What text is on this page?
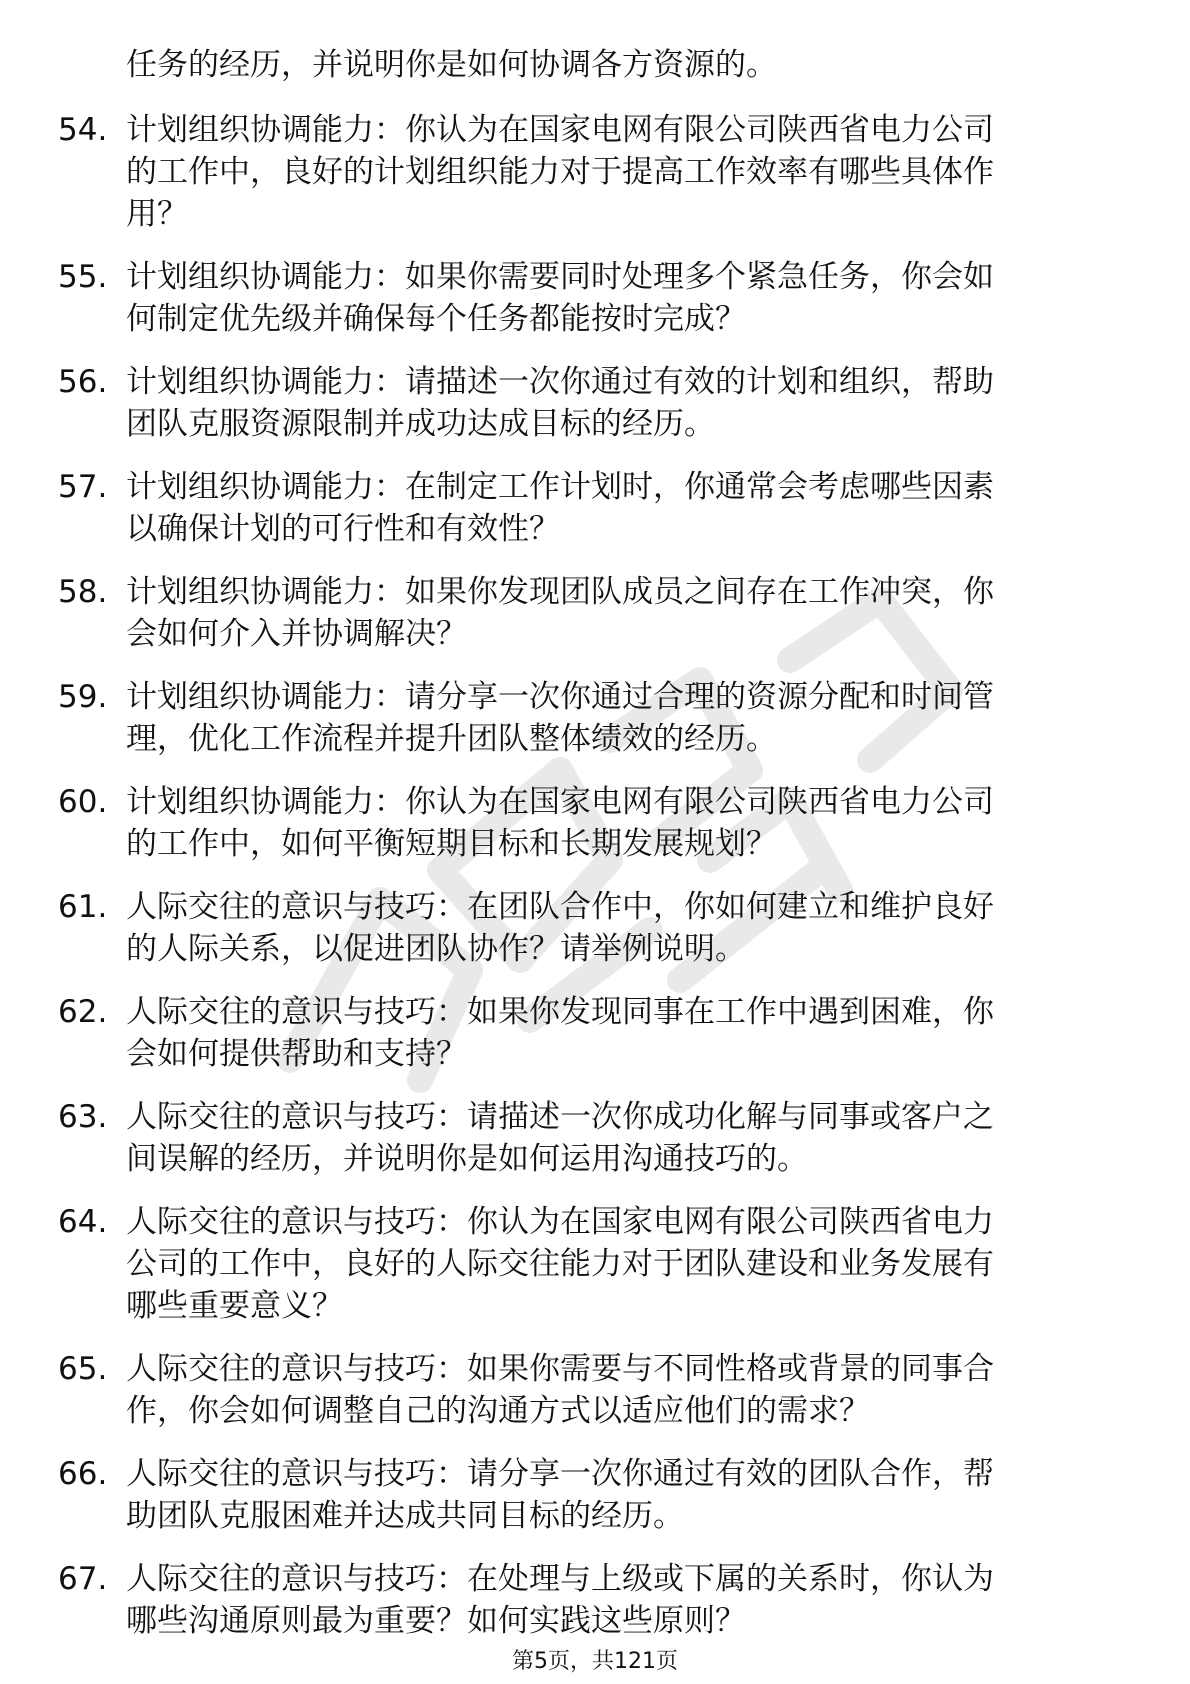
任务的经历，并说明你是如何协调各方资源的。
54. 计划组织协调能力：你认为在国家电网有限公司陕西省电力公司
的工作中，良好的计划组织能力对于提高工作效率有哪些具体作
用？
55. 计划组织协调能力：如果你需要同时处理多个紧急任务，你会如
何制定优先级并确保每个任务都能按时完成？
56. 计划组织协调能力：请描述一次你通过有效的计划和组织，帮助
团队克服资源限制并成功达成目标的经历。
57. 计划组织协调能力：在制定工作计划时，你通常会考虑哪些因素
以确保计划的可行性和有效性？
58. 计划组织协调能力：如果你发现团队成员之间存在工作冲突，你
会如何介入并协调解决？
59. 计划组织协调能力：请分享一次你通过合理的资源分配和时间管
理，优化工作流程并提升团队整体绩效的经历。
60. 计划组织协调能力：你认为在国家电网有限公司陕西省电力公司
的工作中，如何平衡短期目标和长期发展规划？
61. 人际交往的意识与技巧：在团队合作中，你如何建立和维护良好
的人际关系，以促进团队协作？请举例说明。
62. 人际交往的意识与技巧：如果你发现同事在工作中遇到困难，你
会如何提供帮助和支持？
63. 人际交往的意识与技巧：请描述一次你成功化解与同事或客户之
间误解的经历，并说明你是如何运用沟通技巧的。
64. 人际交往的意识与技巧：你认为在国家电网有限公司陕西省电力
公司的工作中，良好的人际交往能力对于团队建设和业务发展有
哪些重要意义？
65. 人际交往的意识与技巧：如果你需要与不同性格或背景的同事合
作，你会如何调整自己的沟通方式以适应他们的需求？
66. 人际交往的意识与技巧：请分享一次你通过有效的团队合作，帮
助团队克服困难并达成共同目标的经历。
67. 人际交往的意识与技巧：在处理与上级或下属的关系时，你认为
哪些沟通原则最为重要？如何实践这些原则？
第5页，共121页
